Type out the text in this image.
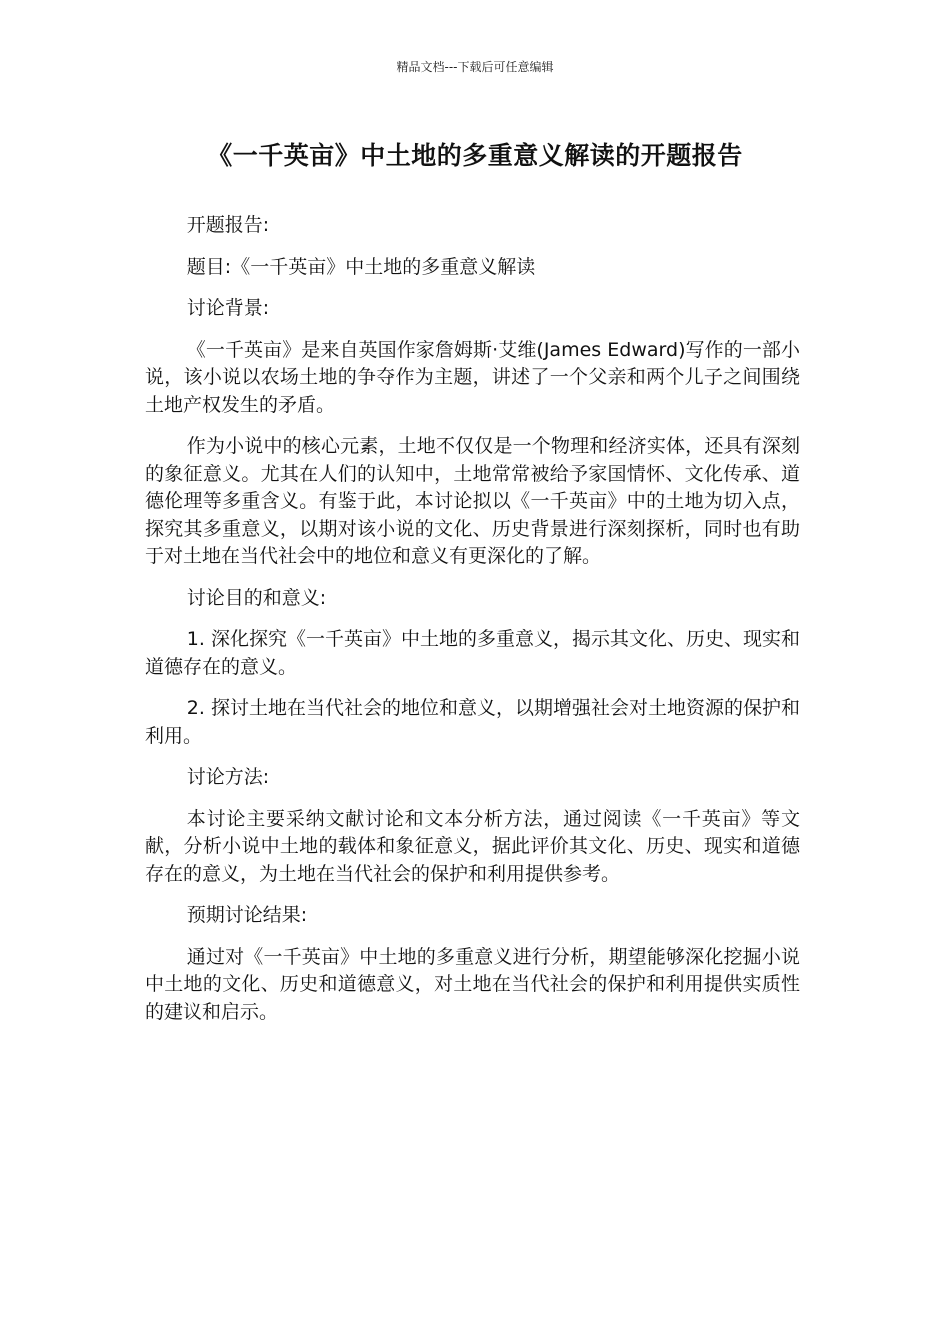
精品文档---下载后可任意编辑
《一千英亩》中土地的多重意义解读的开题报告

开题报告:

题目:《一千英亩》中土地的多重意义解读

讨论背景:

《一千英亩》是来自英国作家詹姆斯·艾维(James Edward)写作的一部小说，该小说以农场土地的争夺作为主题，讲述了一个父亲和两个儿子之间围绕土地产权发生的矛盾。

作为小说中的核心元素，土地不仅仅是一个物理和经济实体，还具有深刻的象征意义。尤其在人们的认知中，土地常常被给予家国情怀、文化传承、道德伦理等多重含义。有鉴于此，本讨论拟以《一千英亩》中的土地为切入点，探究其多重意义，以期对该小说的文化、历史背景进行深刻探析，同时也有助于对土地在当代社会中的地位和意义有更深化的了解。

讨论目的和意义:

1. 深化探究《一千英亩》中土地的多重意义，揭示其文化、历史、现实和道德存在的意义。

2. 探讨土地在当代社会的地位和意义，以期增强社会对土地资源的保护和利用。

讨论方法:

本讨论主要采纳文献讨论和文本分析方法，通过阅读《一千英亩》等文献，分析小说中土地的载体和象征意义，据此评价其文化、历史、现实和道德存在的意义，为土地在当代社会的保护和利用提供参考。

预期讨论结果:

通过对《一千英亩》中土地的多重意义进行分析，期望能够深化挖掘小说中土地的文化、历史和道德意义，对土地在当代社会的保护和利用提供实质性的建议和启示。
